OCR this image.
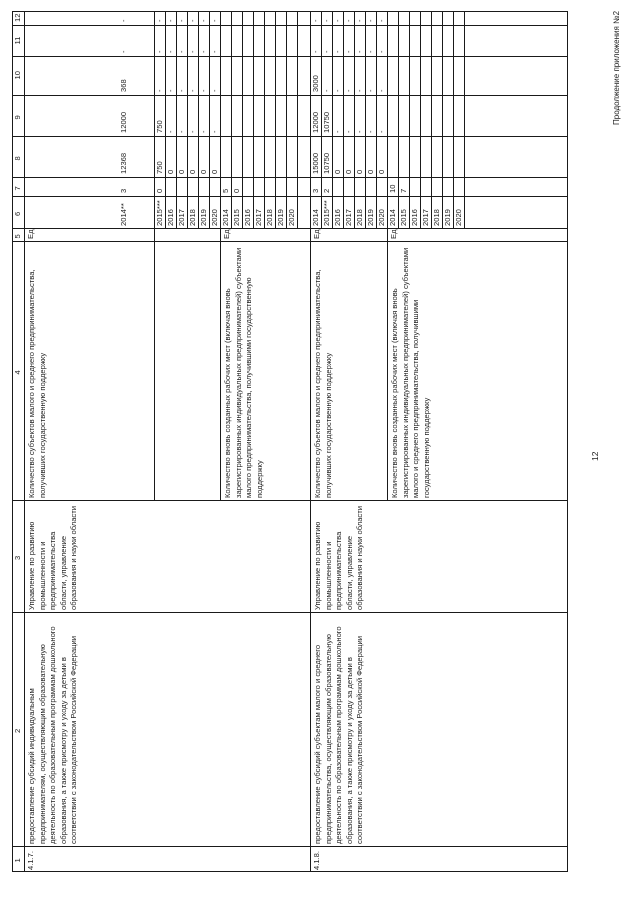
12
Продолжение приложения №2
1
2
3
4
5
6
7
8
9
10
11
12
4.1.7.
предоставление субсидий индивидуальным предпринимателям, осуществляющим образовательную деятельность по образовательным программам дошкольного образования, а также присмотру и уходу за детьми в соответствии с законодательством Российской Федерации
Управление по развитию промышленности и предпринимательства области, управление образования и науки области
Количество субъектов малого и среднего предпринимательства, получивших государственную поддержку
Ед.
2014**
3
12368
12000
368
-
-
2015***
0
750
750
-
-
-
2016
0
-
-
-
-
2017
0
-
-
-
-
2018
0
-
-
-
-
2019
0
-
-
-
-
2020
0
-
-
-
-
Количество вновь созданных рабочих мест (включая вновь зарегистрированных индивидуальных предпринимателей) субъектами малого предпринимательства, получившими государственную поддержку
Ед.
2014
5
2015
0
2016 2017 2018 2019 2020
4.1.8.
предоставление субсидий субъектам малого и среднего предпринимательства, осуществляющим образовательную деятельность по образовательным программам дошкольного образования, а также присмотру и уходу за детьми в соответствии с законодательством Российской Федерации
Управление по развитию промышленности и предпринимательства области, управление образования и науки области
Количество субъектов малого и среднего предпринимательства, получивших государственную поддержку
Ед.
2014
3
15000
12000
3000
-
-
2015***
2
10750
10750
-
-
-
2016
0
-
-
-
-
2017
0
-
-
-
-
2018
0
-
-
-
-
2019
0
-
-
-
-
2020
0
-
-
-
-
Количество вновь созданных рабочих мест (включая вновь зарегистрированных индивидуальных предпринимателей) субъектами малого и среднего предпринимательства, получившими государственную поддержку
Ед.
2014
10
2015
7
2016 2017 2018 2019 2020
